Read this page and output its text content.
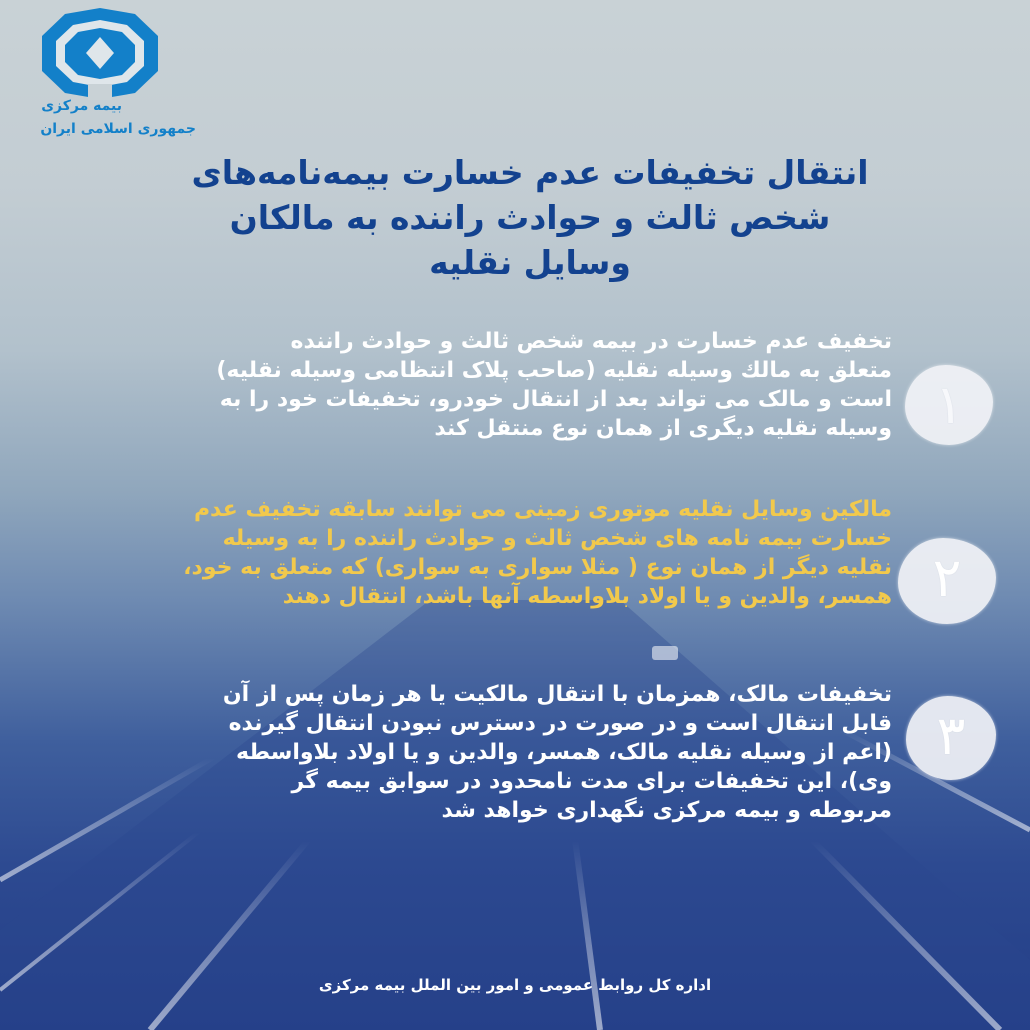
بیمه مرکزی
جمهوری اسلامی ایران
انتقال تخفیفات عدم خسارت بیمه‌نامه‌های
شخص ثالث و حوادث راننده به مالکان
وسایل نقلیه
تخفیف عدم خسارت در بیمه شخص ثالث و حوادث راننده
متعلق به مالك وسیله نقلیه (صاحب پلاک انتظامی وسیله نقلیه)
است و مالک می تواند بعد از انتقال خودرو، تخفیفات خود را به
وسیله نقلیه دیگری از همان نوع منتقل کند ۱
مالکین وسایل نقلیه موتوری زمینی می توانند سابقه تخفیف عدم
خسارت بیمه نامه های شخص ثالث و حوادث راننده را به وسیله
نقلیه دیگر از همان نوع ( مثلا سواری به سواری) که متعلق به خود،
همسر، والدین و یا اولاد بلاواسطه آنها باشد، انتقال دهند ۲
تخفیفات مالک، همزمان با انتقال مالکیت یا هر زمان پس از آن
قابل انتقال است و در صورت در دسترس نبودن انتقال گیرنده
(اعم از وسیله نقلیه مالک، همسر، والدین و یا اولاد بلاواسطه
وی)، این تخفیفات برای مدت نامحدود در سوابق بیمه گر
مربوطه و بیمه مرکزی نگهداری خواهد شد
۳
اداره کل روابط عمومی و امور بین الملل بیمه مرکزی
